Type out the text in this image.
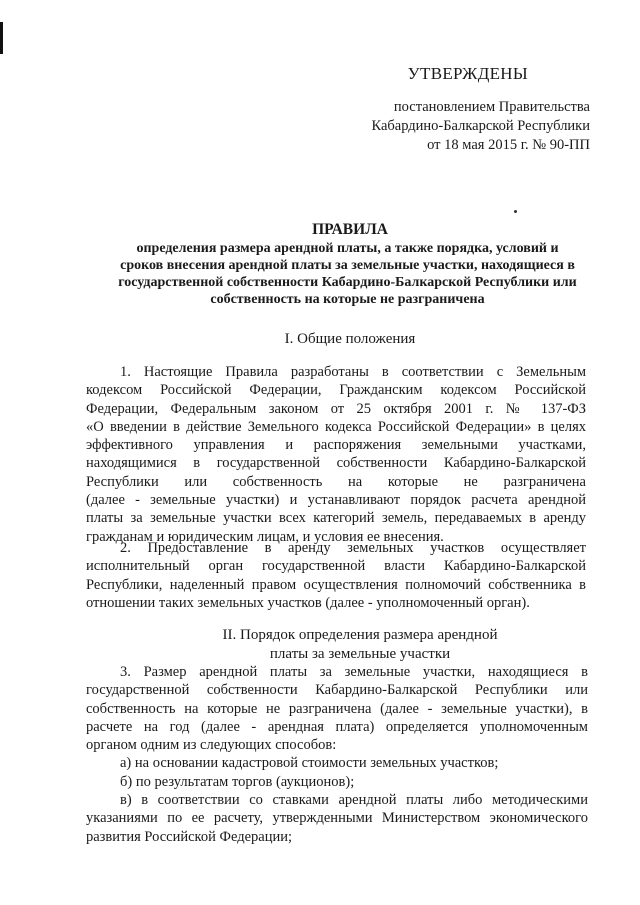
УТВЕРЖДЕНЫ
постановлением Правительства
Кабардино-Балкарской Республики
от 18 мая 2015 г. № 90-ПП
ПРАВИЛА
определения размера арендной платы, а также порядка, условий и
сроков внесения арендной платы за земельные участки, находящиеся в
государственной собственности Кабардино-Балкарской Республики или
собственность на которые не разграничена
I. Общие положения
1. Настоящие Правила разработаны в соответствии с Земельным
кодексом Российской Федерации, Гражданским кодексом Российской
Федерации, Федеральным законом от 25 октября 2001 г. № 137-ФЗ
«О введении в действие Земельного кодекса Российской Федерации» в целях
эффективного управления и распоряжения земельными участками,
находящимися в государственной собственности Кабардино-Балкарской
Республики или собственность на которые не разграничена
(далее - земельные участки) и устанавливают порядок расчета арендной
платы за земельные участки всех категорий земель, передаваемых в аренду
гражданам и юридическим лицам, и условия ее внесения.
2. Предоставление в аренду земельных участков осуществляет
исполнительный орган государственной власти Кабардино-Балкарской
Республики, наделенный правом осуществления полномочий собственника в
отношении таких земельных участков (далее - уполномоченный орган).
II. Порядок определения размера арендной
платы за земельные участки
3. Размер арендной платы за земельные участки, находящиеся в
государственной собственности Кабардино-Балкарской Республики или
собственность на которые не разграничена (далее - земельные участки), в
расчете на год (далее - арендная плата) определяется уполномоченным
органом одним из следующих способов:
а) на основании кадастровой стоимости земельных участков;
б) по результатам торгов (аукционов);
в) в соответствии со ставками арендной платы либо методическими
указаниями по ее расчету, утвержденными Министерством экономического
развития Российской Федерации;
